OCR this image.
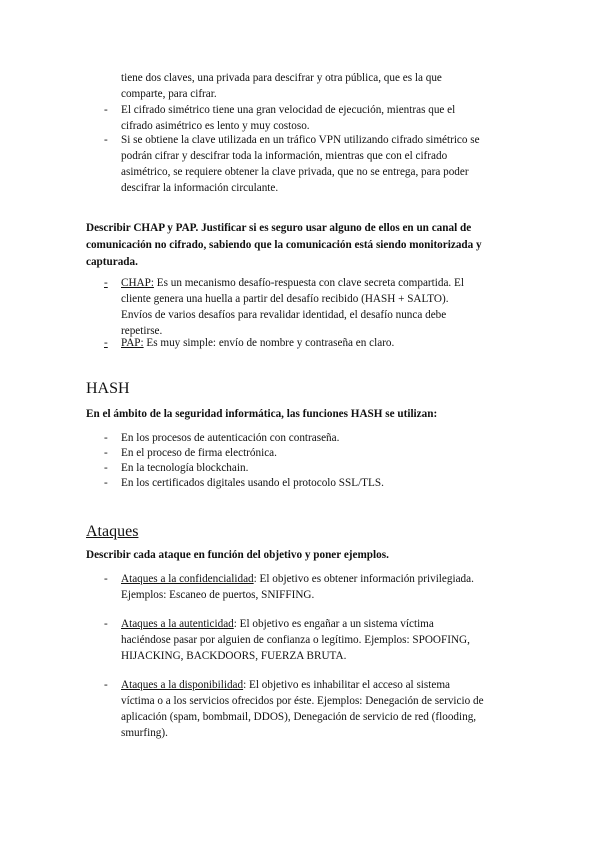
tiene dos claves, una privada para descifrar y otra pública, que es la que
comparte, para cifrar.
- El cifrado simétrico tiene una gran velocidad de ejecución, mientras que el
cifrado asimétrico es lento y muy costoso.
- Si se obtiene la clave utilizada en un tráfico VPN utilizando cifrado simétrico se
podrán cifrar y descifrar toda la información, mientras que con el cifrado
asimétrico, se requiere obtener la clave privada, que no se entrega, para poder
descifrar la información circulante.
Describir CHAP y PAP. Justificar si es seguro usar alguno de ellos en un canal de
comunicación no cifrado, sabiendo que la comunicación está siendo monitorizada y
capturada.
- CHAP: Es un mecanismo desafío-respuesta con clave secreta compartida. El
cliente genera una huella a partir del desafío recibido (HASH + SALTO).
Envíos de varios desafíos para revalidar identidad, el desafío nunca debe
repetirse.
- PAP: Es muy simple: envío de nombre y contraseña en claro.
HASH
En el ámbito de la seguridad informática, las funciones HASH se utilizan:
- En los procesos de autenticación con contraseña.
- En el proceso de firma electrónica.
- En la tecnología blockchain.
- En los certificados digitales usando el protocolo SSL/TLS.
Ataques
Describir cada ataque en función del objetivo y poner ejemplos.
- Ataques a la confidencialidad: El objetivo es obtener información privilegiada.
Ejemplos: Escaneo de puertos, SNIFFING.
- Ataques a la autenticidad: El objetivo es engañar a un sistema víctima
haciéndose pasar por alguien de confianza o legítimo. Ejemplos: SPOOFING,
HIJACKING, BACKDOORS, FUERZA BRUTA.
- Ataques a la disponibilidad: El objetivo es inhabilitar el acceso al sistema
víctima o a los servicios ofrecidos por éste. Ejemplos: Denegación de servicio de
aplicación (spam, bombmail, DDOS), Denegación de servicio de red (flooding,
smurfing).
